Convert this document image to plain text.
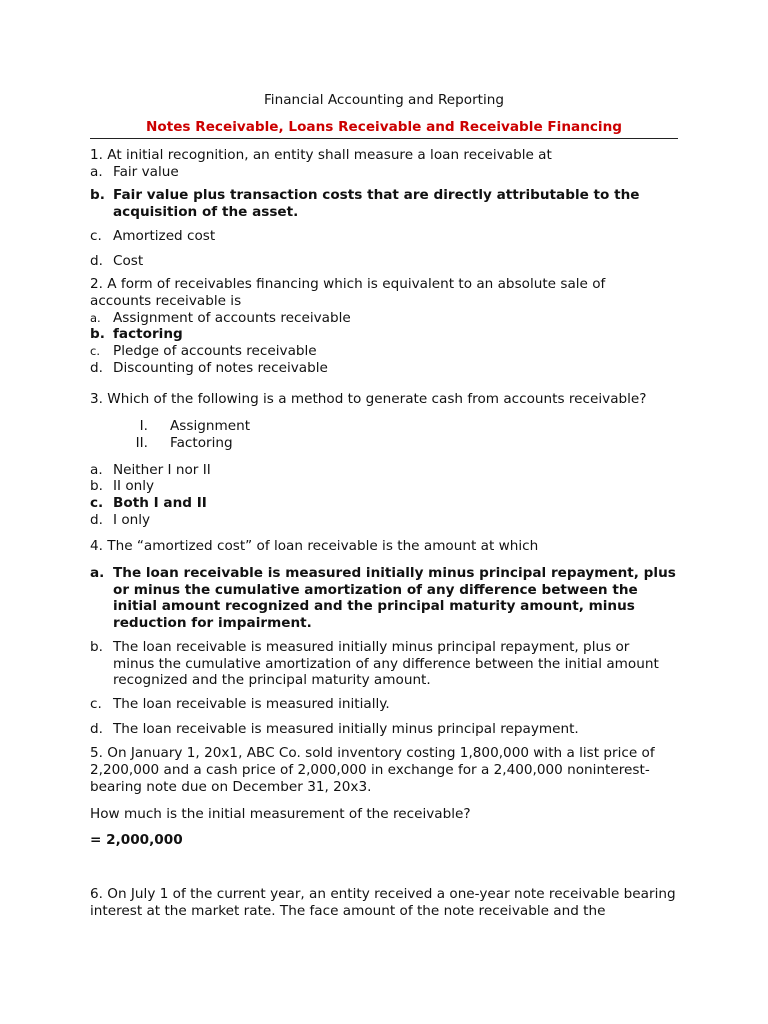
Financial Accounting and Reporting
Notes Receivable, Loans Receivable and Receivable Financing

1. At initial recognition, an entity shall measure a loan receivable at

a. Fair value
b. Fair value plus transaction costs that are directly attributable to the acquisition of the asset.
c. Amortized cost
d. Cost

2. A form of receivables financing which is equivalent to an absolute sale of accounts receivable is

a. Assignment of accounts receivable
b. factoring
c. Pledge of accounts receivable
d. Discounting of notes receivable

3. Which of the following is a method to generate cash from accounts receivable?

I.	Assignment
II.	Factoring
a. Neither I nor II
b. II only
c. Both I and II
d. I only

4. The “amortized cost” of loan receivable is the amount at which

a. The loan receivable is measured initially minus principal repayment, plus or minus the cumulative amortization of any difference between the initial amount recognized and the principal maturity amount, minus reduction for impairment.
b. The loan receivable is measured initially minus principal repayment, plus or minus the cumulative amortization of any difference between the initial amount recognized and the principal maturity amount.
c. The loan receivable is measured initially.
d. The loan receivable is measured initially minus principal repayment.

5. On January 1, 20x1, ABC Co. sold inventory costing 1,800,000 with a list price of 2,200,000 and a cash price of 2,000,000 in exchange for a 2,400,000 noninterest-bearing note due on December 31, 20x3.

How much is the initial measurement of the receivable?

= 2,000,000

6. On July 1 of the current year, an entity received a one-year note receivable bearing interest at the market rate. The face amount of the note receivable and the
